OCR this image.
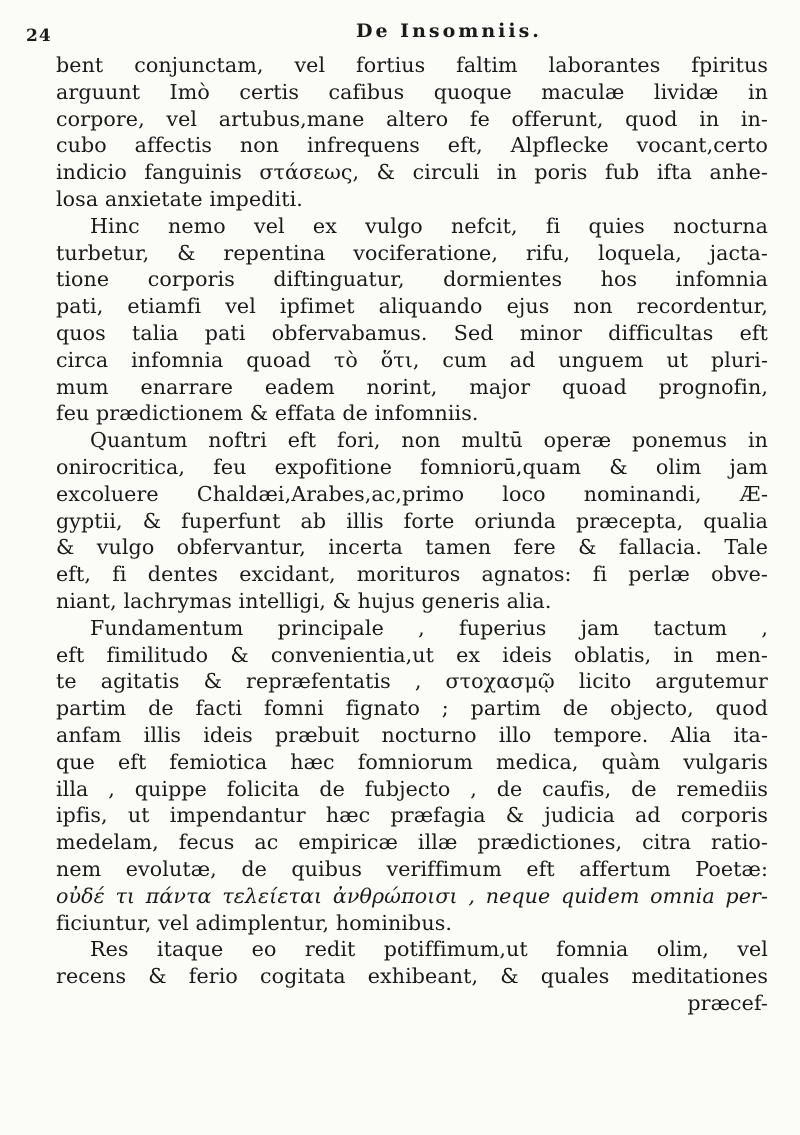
24	De Insomniis.
bent conjunctam, vel fortius faltim laborantes fpiritus
arguunt Imò certis cafibus quoque maculæ lividæ in
corpore, vel artubus,mane altero fe offerunt, quod in in-
cubo affectis non infrequens eft, Alpflecke vocant,certo
indicio fanguinis στάσεως, & circuli in poris fub ifta anhe-
losa anxietate impediti.
Hinc nemo vel ex vulgo nefcit, fi quies nocturna
turbetur, & repentina vociferatione, rifu, loquela, jacta-
tione corporis diftinguatur, dormientes hos infomnia
pati, etiamfi vel ipfimet aliquando ejus non recordentur,
quos talia pati obfervabamus. Sed minor difficultas eft
circa infomnia quoad τὸ ὅτι, cum ad unguem ut pluri-
mum enarrare eadem norint, major quoad prognofin,
feu prædictionem & effata de infomniis.
Quantum noftri eft fori, non multū operæ ponemus in
onirocritica, feu expofitione fomniorū,quam & olim jam
excoluere Chaldæi,Arabes,ac,primo loco nominandi, Æ-
gyptii, & fuperfunt ab illis forte oriunda præcepta, qualia
& vulgo obfervantur, incerta tamen fere & fallacia. Tale
eft, fi dentes excidant, morituros agnatos: fi perlæ obve-
niant, lachrymas intelligi, & hujus generis alia.
Fundamentum principale , fuperius jam tactum ,
eft fimilitudo & convenientia,ut ex ideis oblatis, in men-
te agitatis & repræfentatis , στοχασμῷ licito argutemur
partim de facti fomni fignato ; partim de objecto, quod
anfam illis ideis præbuit nocturno illo tempore. Alia ita-
que eft femiotica hæc fomniorum medica, quàm vulgaris
illa , quippe folicita de fubjecto , de caufis, de remediis
ipfis, ut impendantur hæc præfagia & judicia ad corporis
medelam, fecus ac empiricæ illæ prædictiones, citra ratio-
nem evolutæ, de quibus veriffimum eft affertum Poetæ:
οὐδέ τι πάντα τελείεται ἀνθρώποισι , neque quidem omnia per-
ficiuntur, vel adimplentur, hominibus.
Res itaque eo redit potiffimum,ut fomnia olim, vel
recens & ferio cogitata exhibeant, & quales meditationes
præcef-
